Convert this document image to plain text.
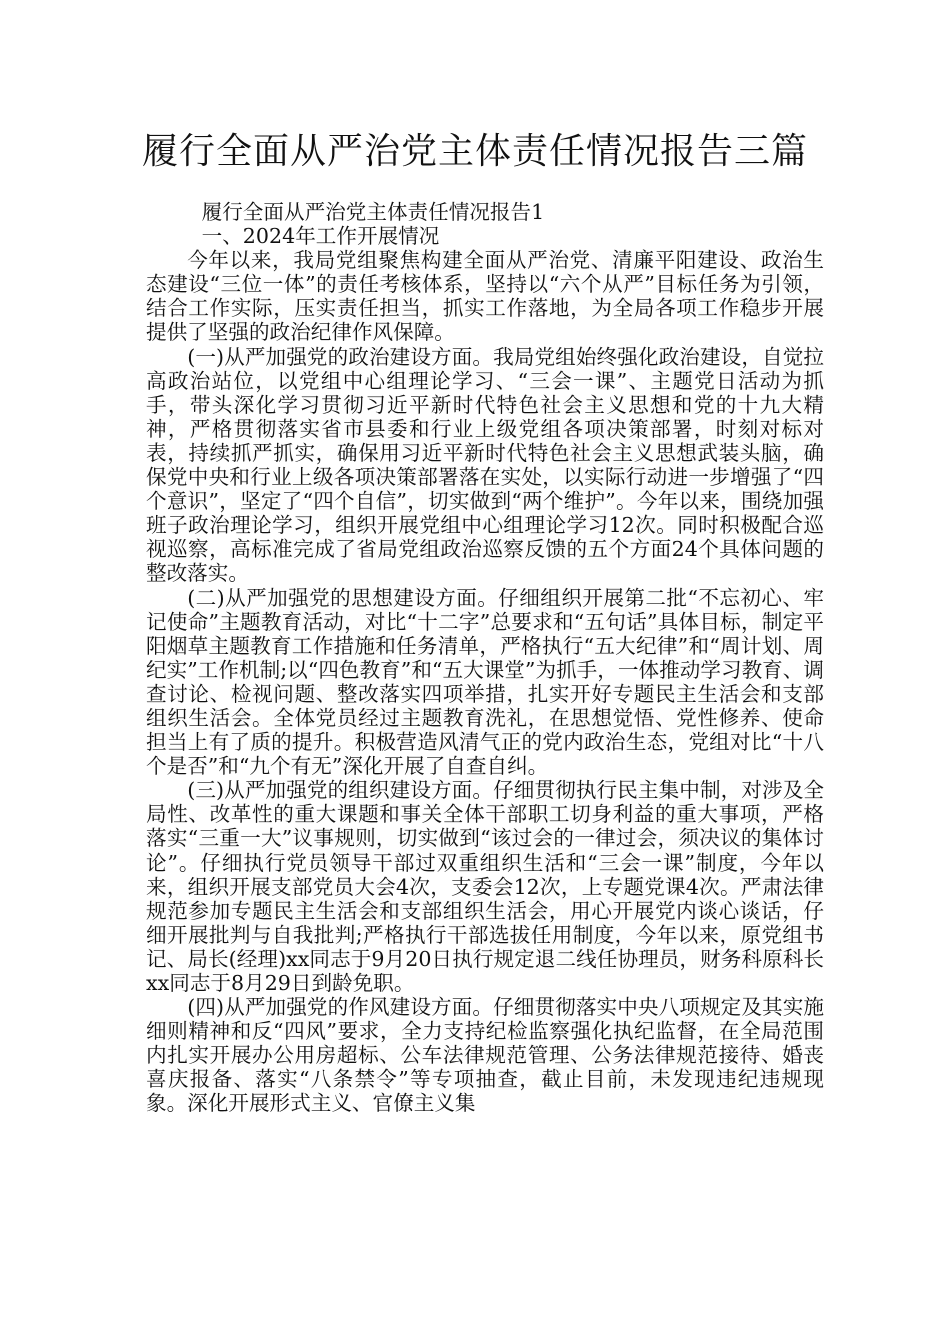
履行全面从严治党主体责任情况报告三篇

履行全面从严治党主体责任情况报告1

一、2024年工作开展情况

今年以来，我局党组聚焦构建全面从严治党、清廉平阳建设、政治生态建设“三位一体”的责任考核体系，坚持以“六个从严”目标任务为引领，结合工作实际，压实责任担当，抓实工作落地，为全局各项工作稳步开展提供了坚强的政治纪律作风保障。

(一)从严加强党的政治建设方面。我局党组始终强化政治建设，自觉拉高政治站位，以党组中心组理论学习、“三会一课”、主题党日活动为抓手，带头深化学习贯彻习近平新时代特色社会主义思想和党的十九大精神，严格贯彻落实省市县委和行业上级党组各项决策部署，时刻对标对表，持续抓严抓实，确保用习近平新时代特色社会主义思想武装头脑，确保党中央和行业上级各项决策部署落在实处，以实际行动进一步增强了“四个意识”，坚定了“四个自信”，切实做到“两个维护”。今年以来，围绕加强班子政治理论学习，组织开展党组中心组理论学习12次。同时积极配合巡视巡察，高标准完成了省局党组政治巡察反馈的五个方面24个具体问题的整改落实。

(二)从严加强党的思想建设方面。仔细组织开展第二批“不忘初心、牢记使命”主题教育活动，对比“十二字”总要求和“五句话”具体目标，制定平阳烟草主题教育工作措施和任务清单，严格执行“五大纪律”和“周计划、周纪实”工作机制;以“四色教育”和“五大课堂”为抓手，一体推动学习教育、调查讨论、检视问题、整改落实四项举措，扎实开好专题民主生活会和支部组织生活会。全体党员经过主题教育洗礼，在思想觉悟、党性修养、使命担当上有了质的提升。积极营造风清气正的党内政治生态，党组对比“十八个是否”和“九个有无”深化开展了自查自纠。

(三)从严加强党的组织建设方面。仔细贯彻执行民主集中制，对涉及全局性、改革性的重大课题和事关全体干部职工切身利益的重大事项，严格落实“三重一大”议事规则，切实做到“该过会的一律过会，须决议的集体讨论”。仔细执行党员领导干部过双重组织生活和“三会一课”制度，今年以来，组织开展支部党员大会4次，支委会12次，上专题党课4次。严肃法律规范参加专题民主生活会和支部组织生活会，用心开展党内谈心谈话，仔细开展批判与自我批判;严格执行干部选拔任用制度，今年以来，原党组书记、局长(经理)xx同志于9月20日执行规定退二线任协理员，财务科原科长xx同志于8月29日到龄免职。

(四)从严加强党的作风建设方面。仔细贯彻落实中央八项规定及其实施细则精神和反“四风”要求，全力支持纪检监察强化执纪监督，在全局范围内扎实开展办公用房超标、公车法律规范管理、公务法律规范接待、婚丧喜庆报备、落实“八条禁令”等专项抽查，截止目前，未发现违纪违规现象。深化开展形式主义、官僚主义集
